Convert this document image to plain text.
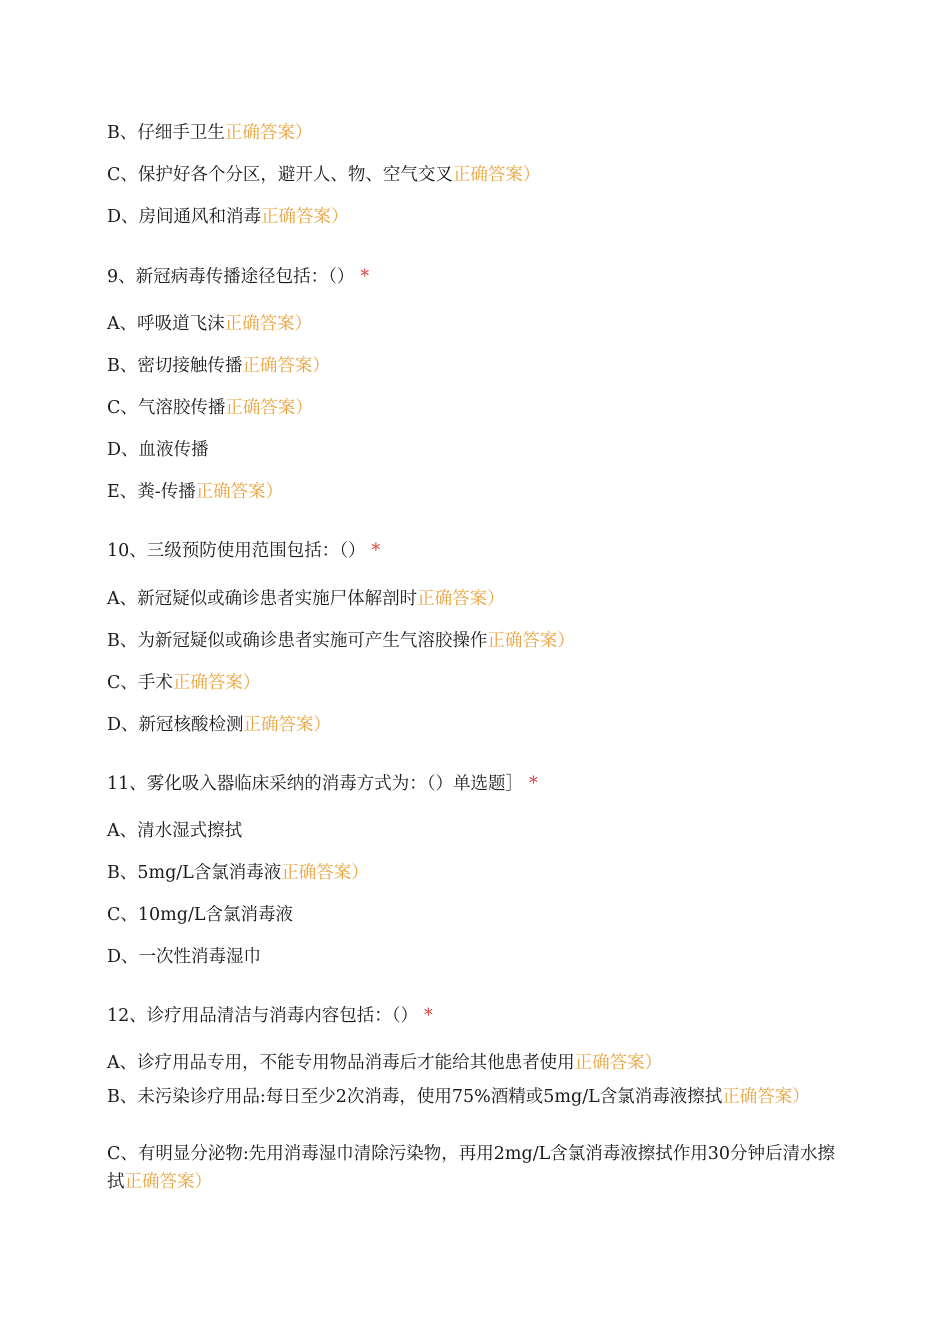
B、仔细手卫生正确答案）
C、保护好各个分区，避开人、物、空气交叉正确答案）
D、房间通风和消毒正确答案）
9、新冠病毒传播途径包括：（） *
A、呼吸道飞沫正确答案）
B、密切接触传播正确答案）
C、气溶胶传播正确答案）
D、血液传播
E、粪-传播正确答案）
10、三级预防使用范围包括：（） *
A、新冠疑似或确诊患者实施尸体解剖时正确答案）
B、为新冠疑似或确诊患者实施可产生气溶胶操作正确答案）
C、手术正确答案）
D、新冠核酸检测正确答案）
11、雾化吸入器临床采纳的消毒方式为：（）单选题］ *
A、清水湿式擦拭
B、5mg/L含氯消毒液正确答案）
C、10mg/L含氯消毒液
D、一次性消毒湿巾
12、诊疗用品清洁与消毒内容包括：（） *
A、诊疗用品专用，不能专用物品消毒后才能给其他患者使用正确答案）
B、未污染诊疗用品:每日至少2次消毒，使用75%酒精或5mg/L含氯消毒液擦拭正确答案）
C、有明显分泌物:先用消毒湿巾清除污染物，再用2mg/L含氯消毒液擦拭作用30分钟后清水擦拭正确答案）
